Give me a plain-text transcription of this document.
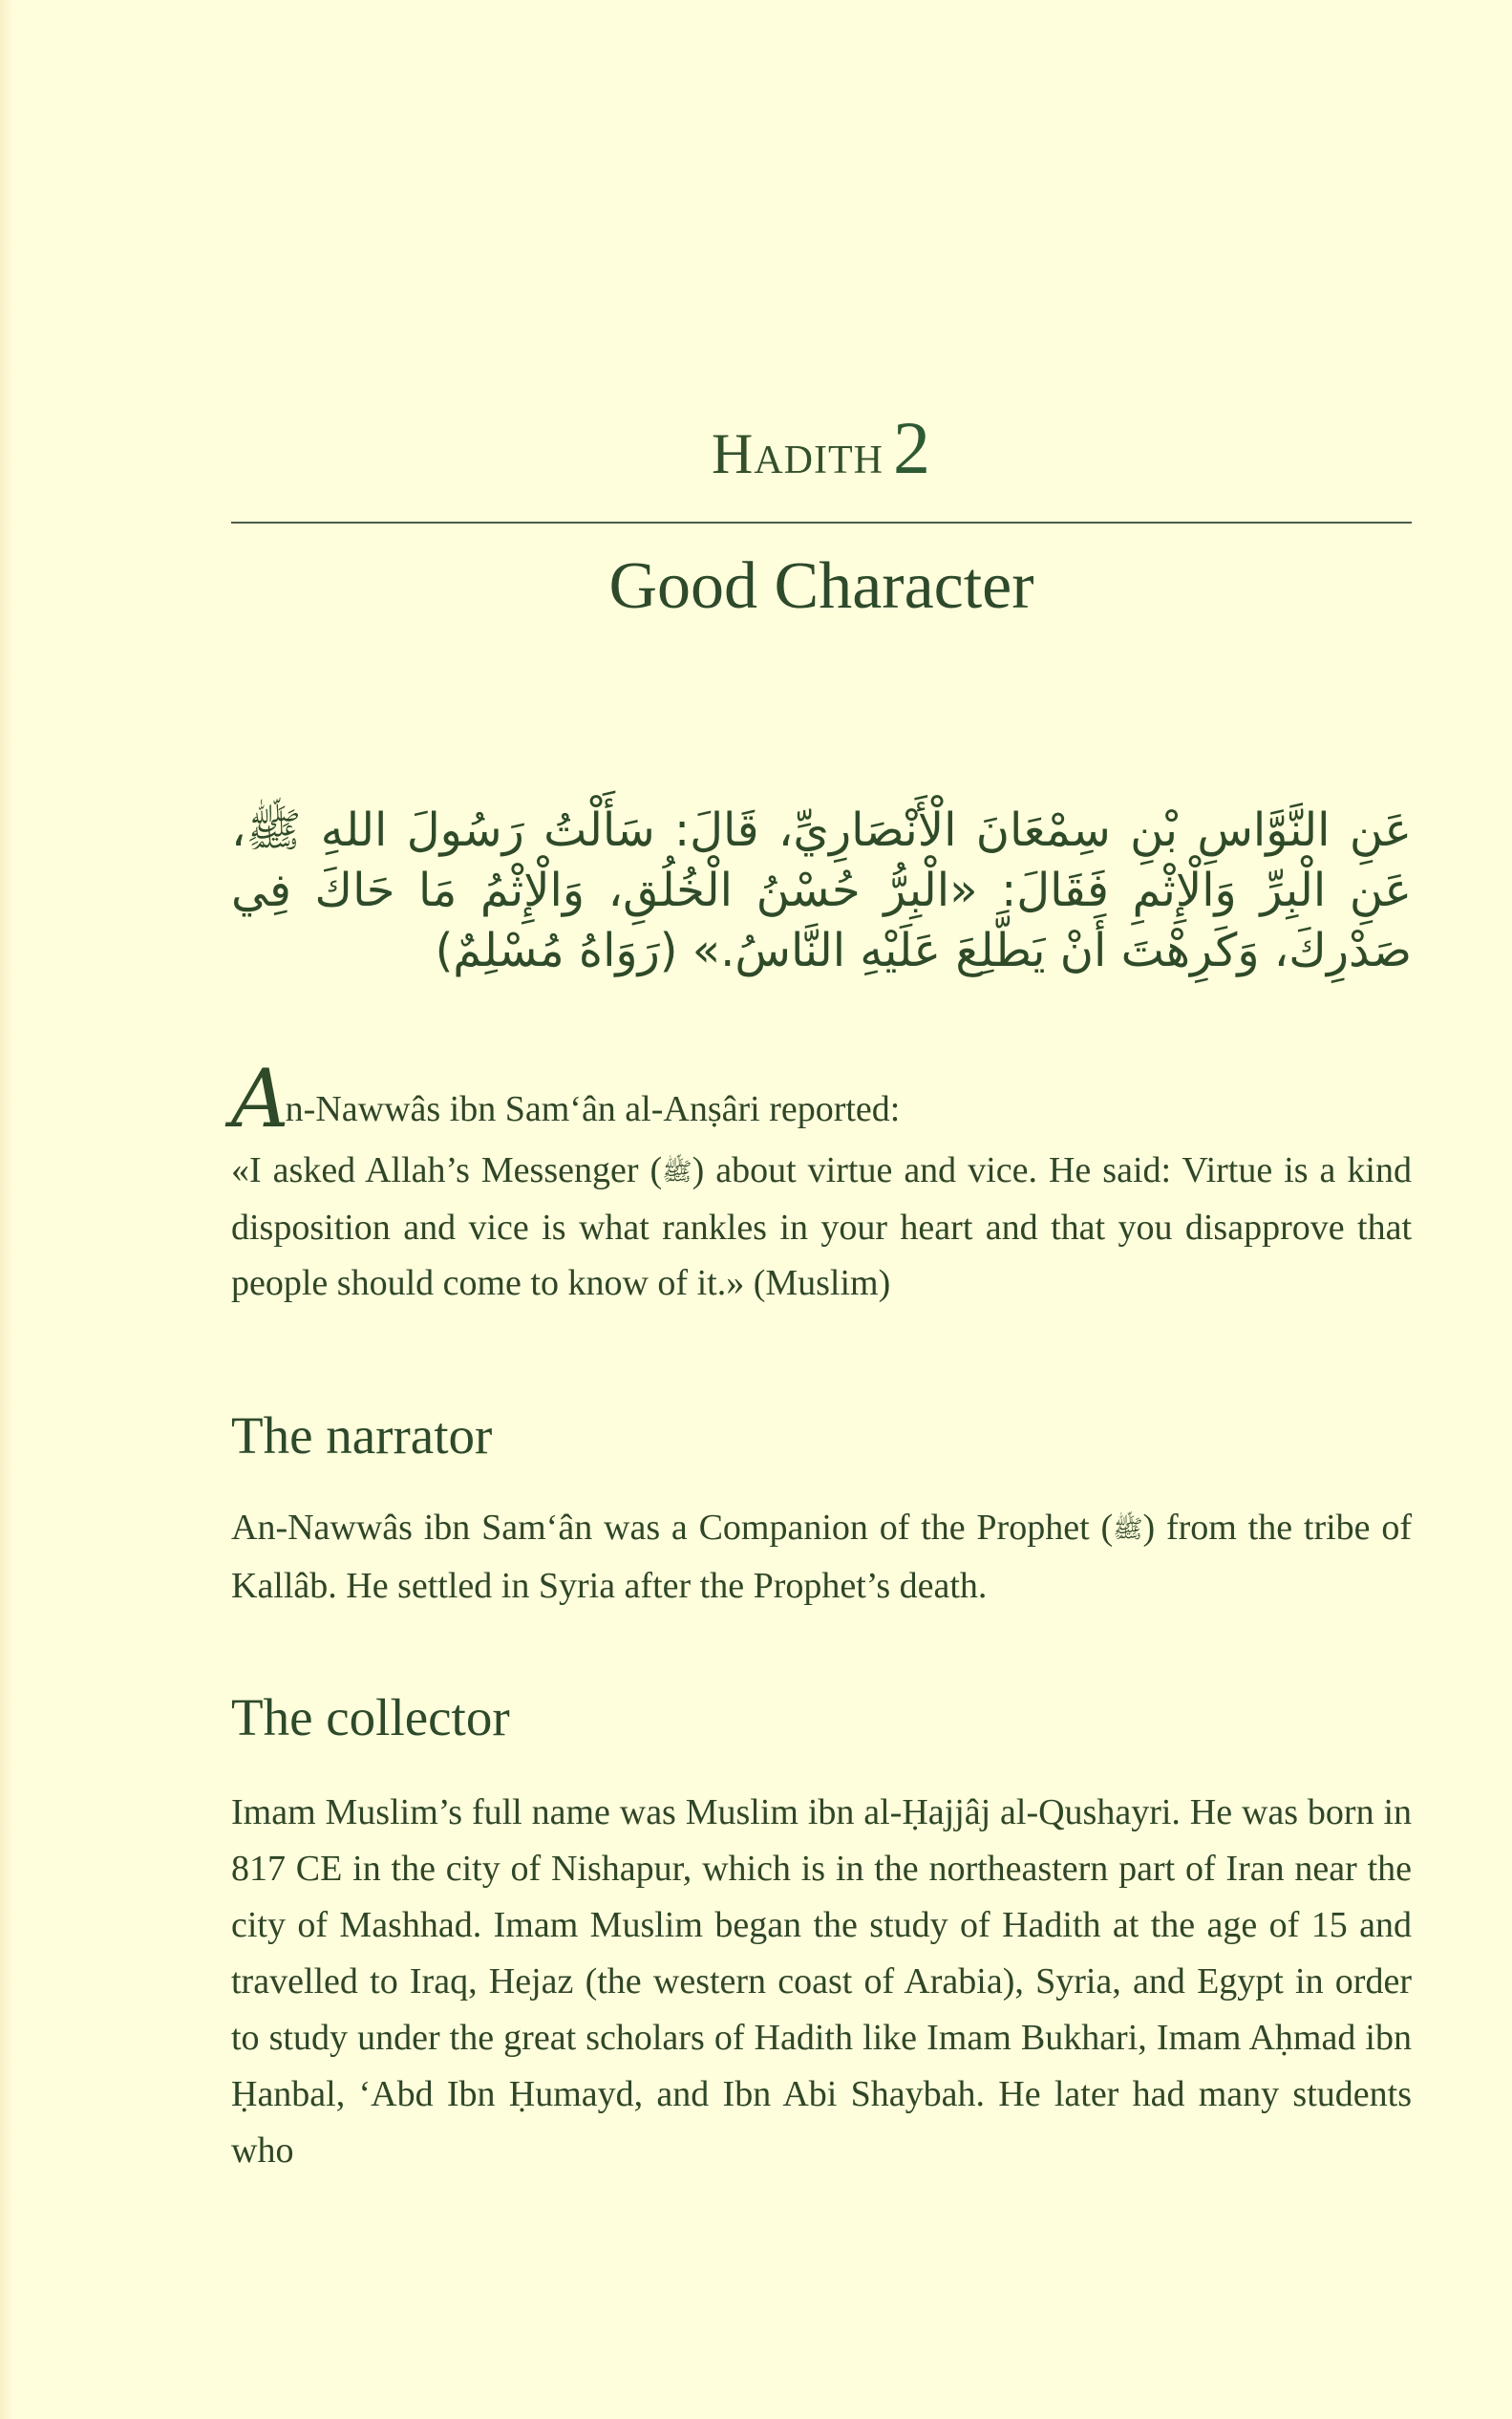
Hadith 2
Good Character
عَنِ النَّوَّاسِ بْنِ سِمْعَانَ الْأَنْصَارِيِّ، قَالَ: سَأَلْتُ رَسُولَ اللهِ ﷺ، عَنِ الْبِرِّ وَالْإِثْمِ فَقَالَ: «الْبِرُّ حُسْنُ الْخُلُقِ، وَالْإِثْمُ مَا حَاكَ فِي صَدْرِكَ، وَكَرِهْتَ أَنْ يَطَّلِعَ عَلَيْهِ النَّاسُ.» (رَوَاهُ مُسْلِمٌ)
An-Nawwâs ibn Sam‘ân al-Anṣâri reported:
«I asked Allah’s Messenger (ﷺ) about virtue and vice. He said: Virtue is a kind disposition and vice is what rankles in your heart and that you disapprove that people should come to know of it.» (Muslim)
The narrator
An-Nawwâs ibn Sam‘ân was a Companion of the Prophet (ﷺ) from the tribe of Kallâb. He settled in Syria after the Prophet’s death.
The collector
Imam Muslim’s full name was Muslim ibn al-Ḥajjâj al-Qushayri. He was born in 817 CE in the city of Nishapur, which is in the northeastern part of Iran near the city of Mashhad. Imam Muslim began the study of Hadith at the age of 15 and travelled to Iraq, Hejaz (the western coast of Arabia), Syria, and Egypt in order to study under the great scholars of Hadith like Imam Bukhari, Imam Aḥmad ibn Ḥanbal, ‘Abd Ibn Ḥumayd, and Ibn Abi Shaybah. He later had many students who
